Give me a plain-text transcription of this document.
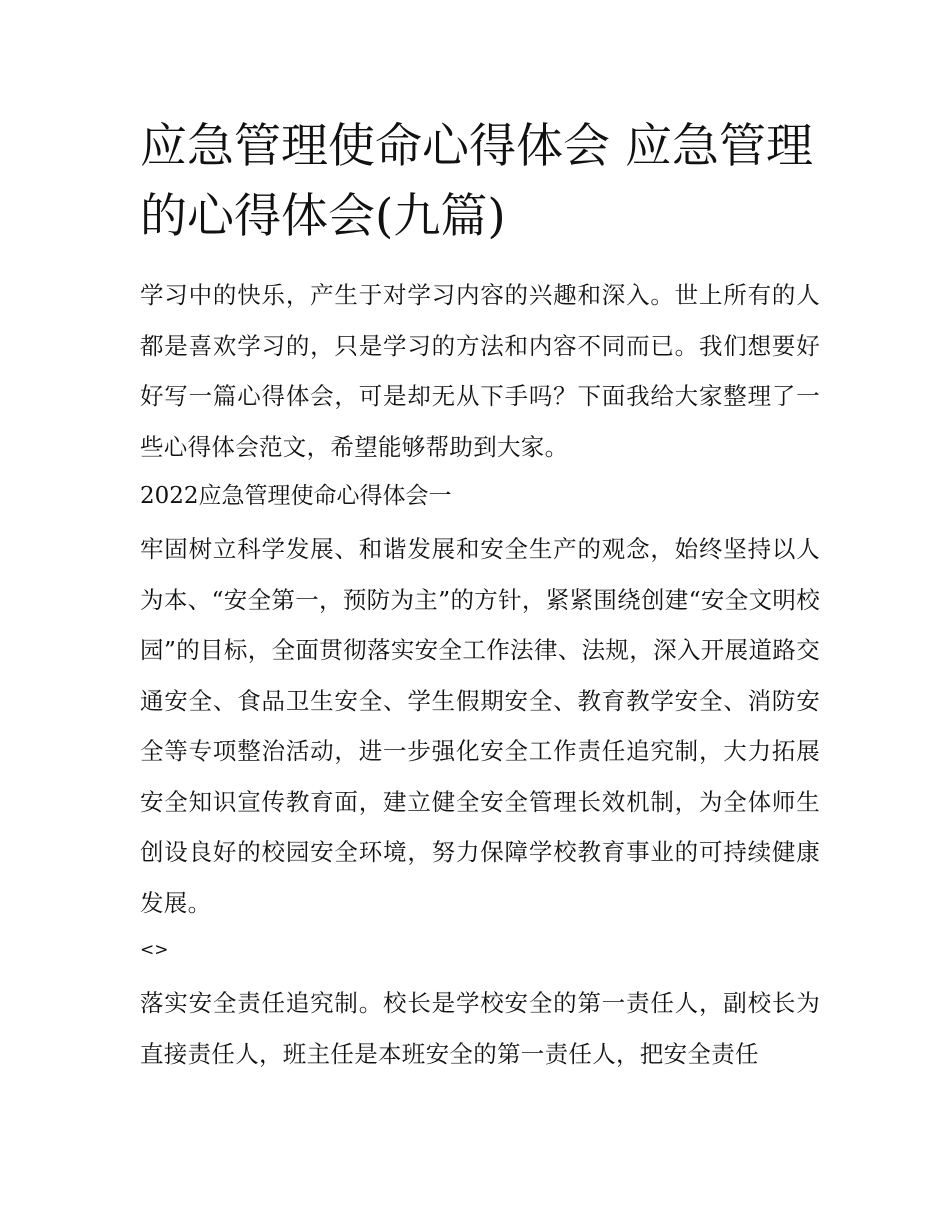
应急管理使命心得体会 应急管理的心得体会(九篇)

学习中的快乐，产生于对学习内容的兴趣和深入。世上所有的人都是喜欢学习的，只是学习的方法和内容不同而已。我们想要好好写一篇心得体会，可是却无从下手吗？下面我给大家整理了一些心得体会范文，希望能够帮助到大家。

2022应急管理使命心得体会一

牢固树立科学发展、和谐发展和安全生产的观念，始终坚持以人为本、“安全第一，预防为主”的方针，紧紧围绕创建“安全文明校园”的目标，全面贯彻落实安全工作法律、法规，深入开展道路交通安全、食品卫生安全、学生假期安全、教育教学安全、消防安全等专项整治活动，进一步强化安全工作责任追究制，大力拓展安全知识宣传教育面，建立健全安全管理长效机制，为全体师生创设良好的校园安全环境，努力保障学校教育事业的可持续健康发展。

<>

落实安全责任追究制。校长是学校安全的第一责任人，副校长为直接责任人，班主任是本班安全的第一责任人，把安全责任
